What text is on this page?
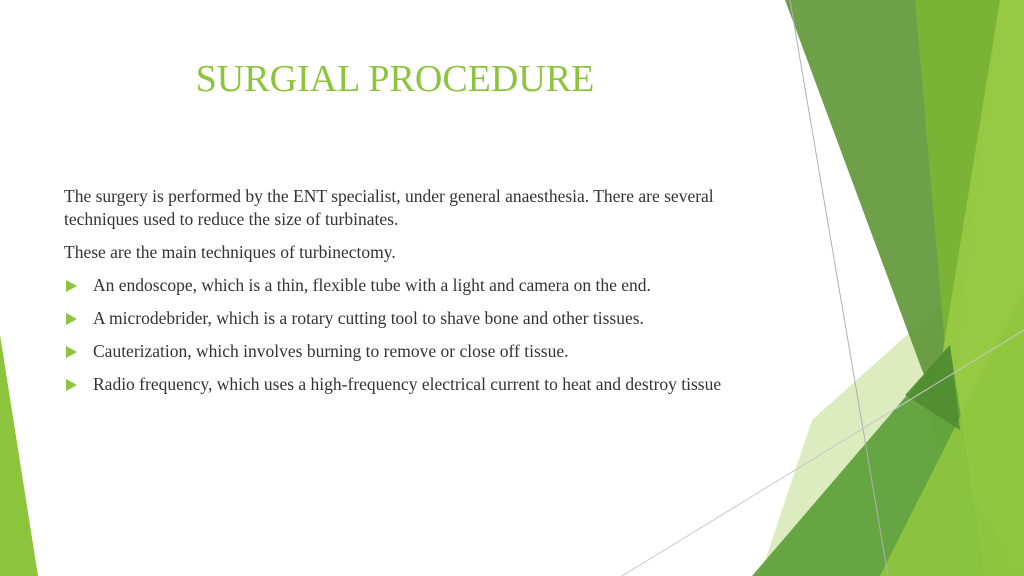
SURGIAL PROCEDURE

The surgery is performed by the ENT specialist, under general anaesthesia. There are several techniques used to reduce the size of turbinates.

These are the main techniques of turbinectomy.

An endoscope, which is a thin, flexible tube with a light and camera on the end.
A microdebrider, which is a rotary cutting tool to shave bone and other tissues.
Cauterization, which involves burning to remove or close off tissue.
Radio frequency, which uses a high-frequency electrical current to heat and destroy tissue
